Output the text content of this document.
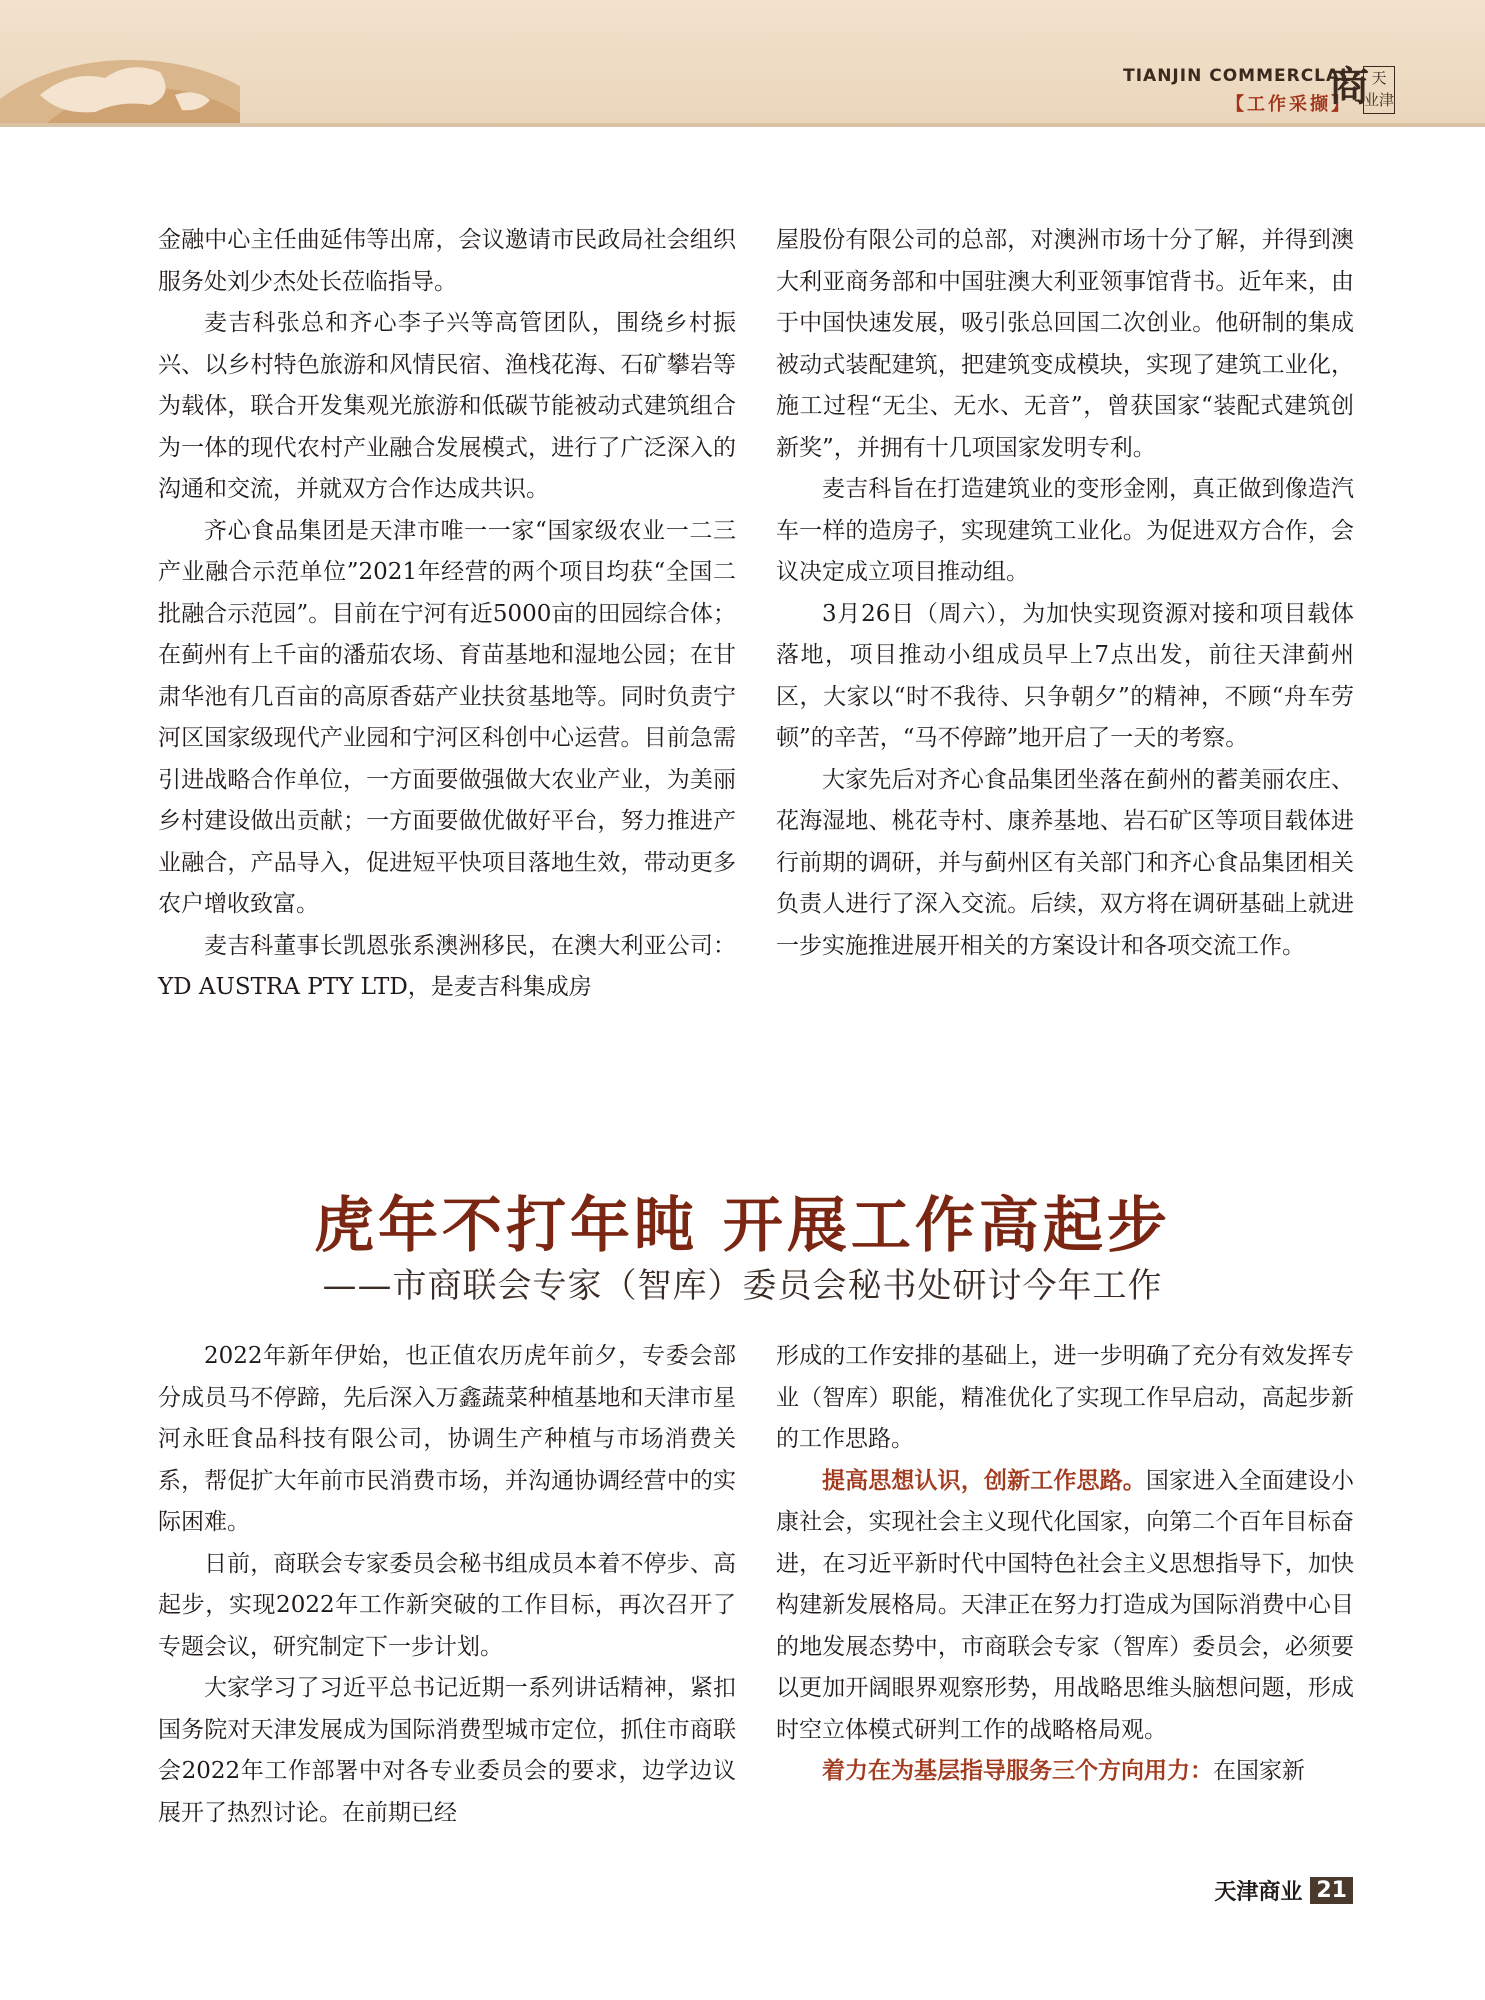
TIANJIN COMMERCLAL
【工作采撷】
商 天
业津

金融中心主任曲延伟等出席，会议邀请市民政局社会组织服务处刘少杰处长莅临指导。

麦吉科张总和齐心李子兴等高管团队，围绕乡村振兴、以乡村特色旅游和风情民宿、渔栈花海、石矿攀岩等为载体，联合开发集观光旅游和低碳节能被动式建筑组合为一体的现代农村产业融合发展模式，进行了广泛深入的沟通和交流，并就双方合作达成共识。

齐心食品集团是天津市唯一一家“国家级农业一二三产业融合示范单位”2021年经营的两个项目均获“全国二批融合示范园”。目前在宁河有近5000亩的田园综合体；在蓟州有上千亩的潘茄农场、育苗基地和湿地公园；在甘肃华池有几百亩的高原香菇产业扶贫基地等。同时负责宁河区国家级现代产业园和宁河区科创中心运营。目前急需引进战略合作单位，一方面要做强做大农业产业，为美丽乡村建设做出贡献；一方面要做优做好平台，努力推进产业融合，产品导入，促进短平快项目落地生效，带动更多农户增收致富。

麦吉科董事长凯恩张系澳洲移民，在澳大利亚公司：YD AUSTRA PTY LTD，是麦吉科集成房

屋股份有限公司的总部，对澳洲市场十分了解，并得到澳大利亚商务部和中国驻澳大利亚领事馆背书。近年来，由于中国快速发展，吸引张总回国二次创业。他研制的集成被动式装配建筑，把建筑变成模块，实现了建筑工业化，施工过程“无尘、无水、无音”，曾获国家“装配式建筑创新奖”，并拥有十几项国家发明专利。

麦吉科旨在打造建筑业的变形金刚，真正做到像造汽车一样的造房子，实现建筑工业化。为促进双方合作，会议决定成立项目推动组。

3月26日（周六），为加快实现资源对接和项目载体落地，项目推动小组成员早上7点出发，前往天津蓟州区，大家以“时不我待、只争朝夕”的精神，不顾“舟车劳顿”的辛苦，“马不停蹄”地开启了一天的考察。

大家先后对齐心食品集团坐落在蓟州的蓄美丽农庄、花海湿地、桃花寺村、康养基地、岩石矿区等项目载体进行前期的调研，并与蓟州区有关部门和齐心食品集团相关负责人进行了深入交流。后续，双方将在调研基础上就进一步实施推进展开相关的方案设计和各项交流工作。

虎年不打年盹 开展工作高起步
——市商联会专家（智库）委员会秘书处研讨今年工作

2022年新年伊始，也正值农历虎年前夕，专委会部分成员马不停蹄，先后深入万鑫蔬菜种植基地和天津市星河永旺食品科技有限公司，协调生产种植与市场消费关系，帮促扩大年前市民消费市场，并沟通协调经营中的实际困难。

日前，商联会专家委员会秘书组成员本着不停步、高起步，实现2022年工作新突破的工作目标，再次召开了专题会议，研究制定下一步计划。

大家学习了习近平总书记近期一系列讲话精神，紧扣国务院对天津发展成为国际消费型城市定位，抓住市商联会2022年工作部署中对各专业委员会的要求，边学边议展开了热烈讨论。在前期已经

形成的工作安排的基础上，进一步明确了充分有效发挥专业（智库）职能，精准优化了实现工作早启动，高起步新的工作思路。

提高思想认识，创新工作思路。国家进入全面建设小康社会，实现社会主义现代化国家，向第二个百年目标奋进，在习近平新时代中国特色社会主义思想指导下，加快构建新发展格局。天津正在努力打造成为国际消费中心目的地发展态势中，市商联会专家（智库）委员会，必须要以更加开阔眼界观察形势，用战略思维头脑想问题，形成时空立体模式研判工作的战略格局观。

着力在为基层指导服务三个方向用力：在国家新

天津商业 21
